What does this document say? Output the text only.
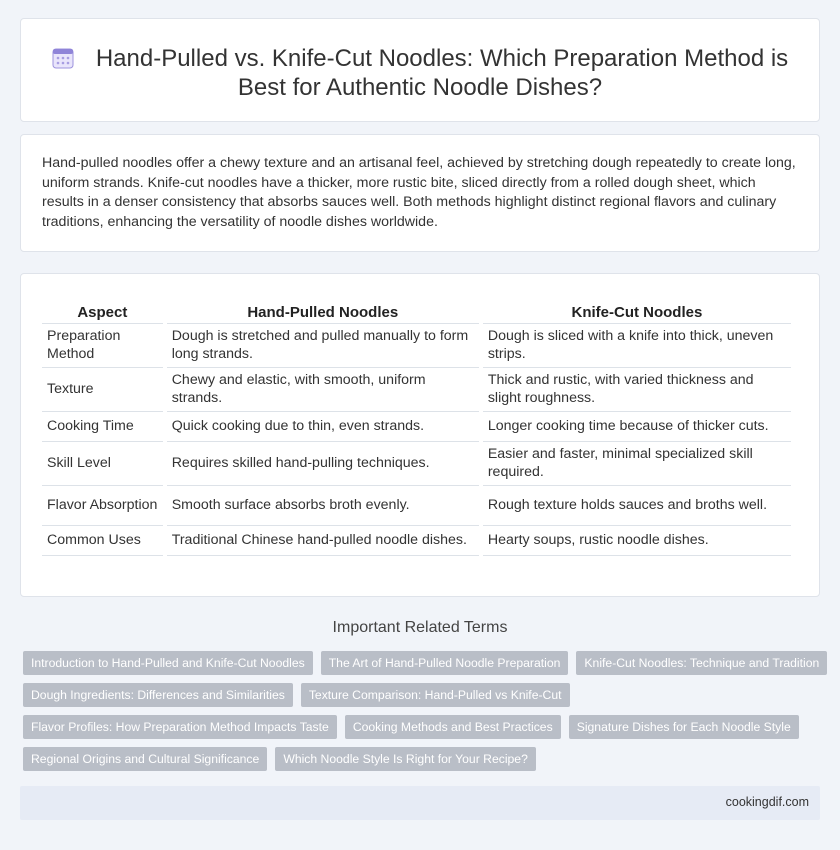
Hand-Pulled vs. Knife-Cut Noodles: Which Preparation Method is Best for Authentic Noodle Dishes?

Hand-pulled noodles offer a chewy texture and an artisanal feel, achieved by stretching dough repeatedly to create long, uniform strands. Knife-cut noodles have a thicker, more rustic bite, sliced directly from a rolled dough sheet, which results in a denser consistency that absorbs sauces well. Both methods highlight distinct regional flavors and culinary traditions, enhancing the versatility of noodle dishes worldwide.

Aspect	Hand-Pulled Noodles	Knife-Cut Noodles
Preparation Method	Dough is stretched and pulled manually to form long strands.	Dough is sliced with a knife into thick, uneven strips.
Texture	Chewy and elastic, with smooth, uniform strands.	Thick and rustic, with varied thickness and slight roughness.
Cooking Time	Quick cooking due to thin, even strands.	Longer cooking time because of thicker cuts.
Skill Level	Requires skilled hand-pulling techniques.	Easier and faster, minimal specialized skill required.
Flavor Absorption	Smooth surface absorbs broth evenly.	Rough texture holds sauces and broths well.
Common Uses	Traditional Chinese hand-pulled noodle dishes.	Hearty soups, rustic noodle dishes.
Important Related Terms
Introduction to Hand-Pulled and Knife-Cut Noodles	The Art of Hand-Pulled Noodle Preparation	Knife-Cut Noodles: Technique and Tradition
Dough Ingredients: Differences and Similarities	Texture Comparison: Hand-Pulled vs Knife-Cut
Flavor Profiles: How Preparation Method Impacts Taste	Cooking Methods and Best Practices	Signature Dishes for Each Noodle Style
Regional Origins and Cultural Significance	Which Noodle Style Is Right for Your Recipe?
cookingdif.com
